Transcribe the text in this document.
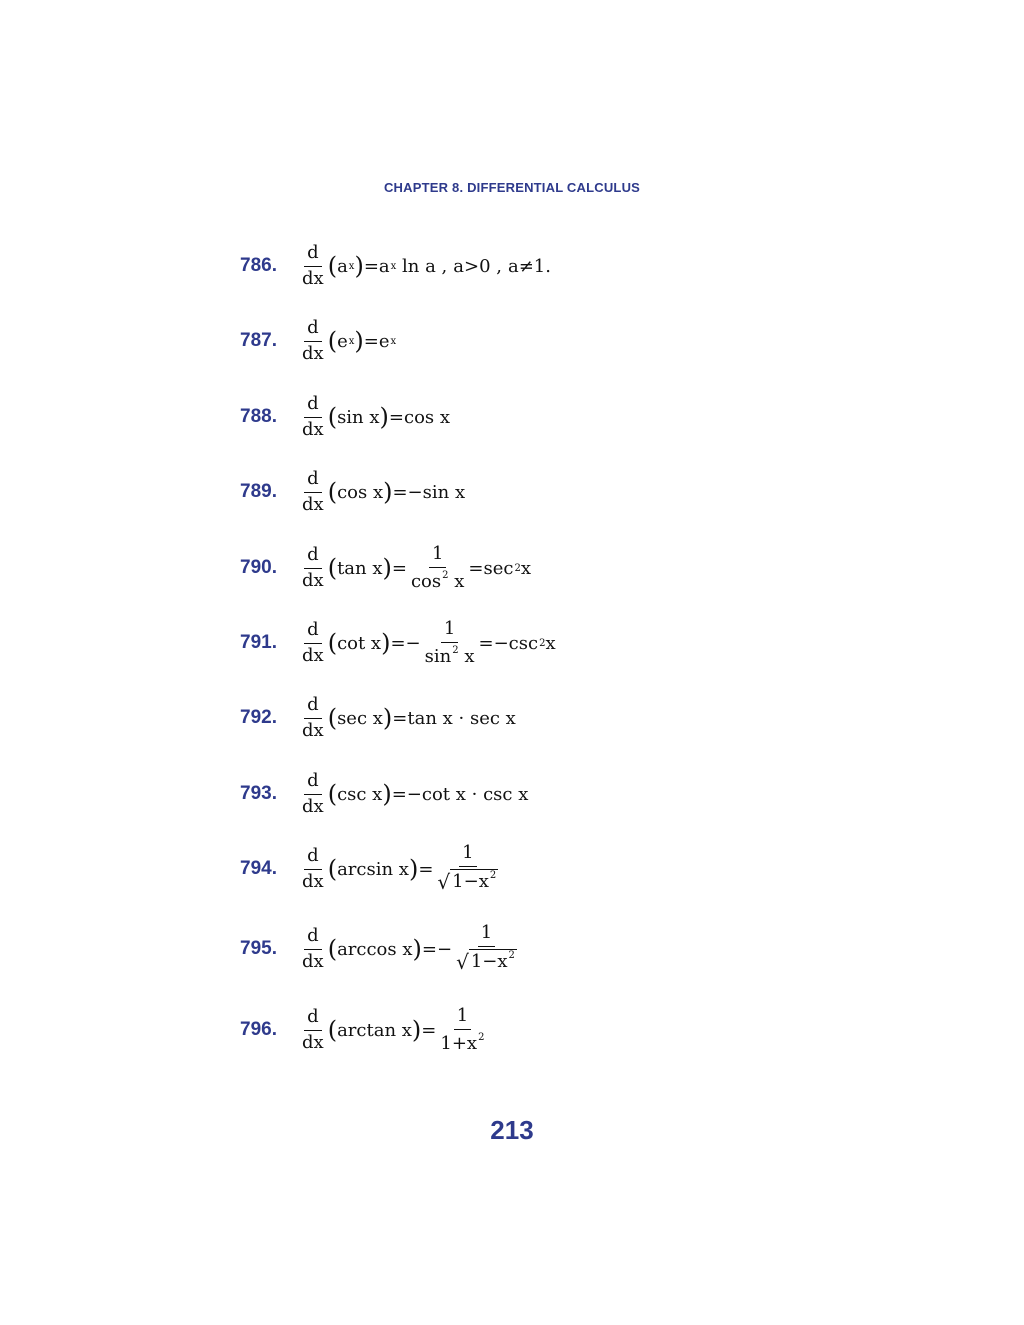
CHAPTER 8. DIFFERENTIAL CALCULUS
786.	$\frac{d}{dx}$ ( a x ) =a x ln a , a>0 , a≠1.
787.	$\frac{d}{dx}$ ( e x ) =e x
788.	$\frac{d}{dx}$ ( sin x ) =cos x
789.	$\frac{d}{dx}$ ( cos x ) =−sin x
790.	$\frac{d}{dx}$ ( tan x ) = $\frac{1}{\cos^2 x} =\sec$ 2 x
791.	$\frac{d}{dx}$ ( cot x ) =− $\frac{1}{\sin^2 x} =-\csc$ 2 x
792.	$\frac{d}{dx}$ ( sec x ) =tan x · sec x
793.	$\frac{d}{dx}$ ( csc x ) =−cot x · csc x
794.	$\frac{d}{dx}$ ( arcsin x ) = $\frac{1}{√ 1-x^2}$
795.	$\frac{d}{dx}$ ( arccos x ) =− $\frac{1}{√ 1-x^2}$
796.	$\frac{d}{dx}$ ( arctan x ) = $\frac{1}{1+x^2}$
213
